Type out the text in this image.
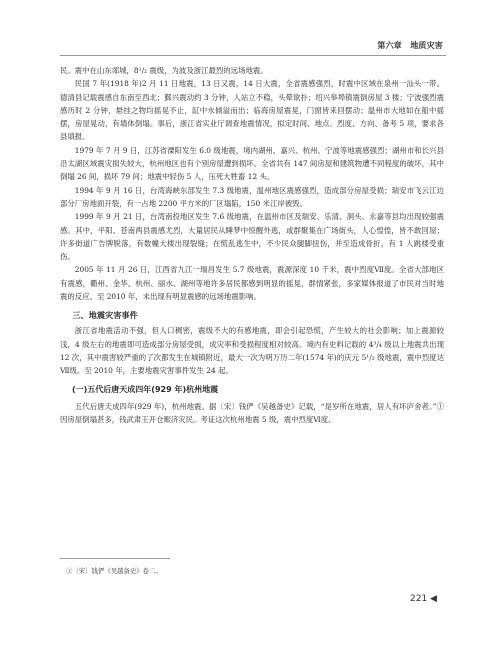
第六章　地质灾害

民。震中在山东郯城，8¹/₂ 震级，为波及浙江最烈的远场地震。

民国 7 年(1918 年)2 月 11 日地震，13 日又震，14 日大震，全省震感强烈，时震中区域在泉州一汕头一带。德清县记载震感自东南至西北；鄞兴震动约 3 分钟，人站立不稳，头晕欲扑；绍兴皋埠镇震倒房屋 3 楼；宁波强烈震感历时 2 分钟，悬挂之物均摇晃不止，缸中水倾溢而出；临海房屋震晃，门窗皆来回摆动；温州市大地如在船中摇摆，房屋晃动，有墙体倒塌。事后，浙江省实业厅调查地震情况，拟定时间、地点、烈度、方向、备考 5 项，要求各县填报。

1979 年 7 月 9 日，江苏省溧阳发生 6.0 级地震，境内湖州、嘉兴、杭州、宁波等地震感强烈；湖州市和长兴县沿太湖区域震灾损失较大，杭州地区也有个别房屋遭到损坏。全省共有 147 间房屋和建筑物遭不同程度的破坏，其中倒塌 26 间，损坏 79 间；地震中轻伤 5 人，压死大牲畜 12 头。

1994 年 9 月 16 日，台湾海峡东部发生 7.3 级地震，温州地区震感强烈，造成部分房屋受损；瑞安市飞云江边部分厂房地面开裂，有一占地 2200 平方米的厂区塌陷，150 米江岸被毁。

1999 年 9 月 21 日，台湾南投地区发生 7.6 级地震，在温州市区及瑞安、乐清、洞头、永嘉等县均出现较强震感。其中，平阳、苍南两县震感尤烈，大量居民从睡梦中惊醒外逃，或群聚集在广场街头，人心惶惶，皆不敢回屋；许多街道广告牌脱落，有数幢大楼出现裂缝；在慌乱逃生中，不少民众腿脚扭伤，并至造成骨折，有 1 人跳楼受重伤。

2005 年 11 月 26 日，江西省九江一瑞昌发生 5.7 级地震，震源深度 10 千米，震中烈度Ⅶ度。全省大部地区有震感，衢州、金华、杭州、丽水、湖州等地许多居民都感到明显的摇晃，群情紧张，多家媒体报道了市民对当时地震的反应。至 2010 年，未出现有明显震感的远场地震影响。

三、地震灾害事件

浙江省地震活动不强，但人口稠密，震级不大的有感地震，即会引起恐慌，产生较大的社会影响；加上震源较浅，4 级左右的地震即可造成部分房屋受损，成灾率和受损程度相对较高。境内有史料记载的 4³/₄ 级以上地震共出现 12 次，其中震害较严重的了次都发生在城镇附近，最大一次为明万历二年(1574 年)的庆元 5¹/₂ 级地震，震中烈度达Ⅶ级。至 2010 年，主要地震灾害事件发生 24 起。

(一)五代后唐天成四年(929 年)杭州地震

五代后唐天成四年(929 年)，杭州地震。据〔宋〕钱俨《吴越备史》记载，“是岁所在地震，居人有坏庐舍者。”①因房屋倒塌甚多，钱武肃王开仓赈济灾民。考证这次杭州地震 5 级，震中烈度Ⅵ度。

①〔宋〕钱俨《吴越备史》卷二。
221 ◀
